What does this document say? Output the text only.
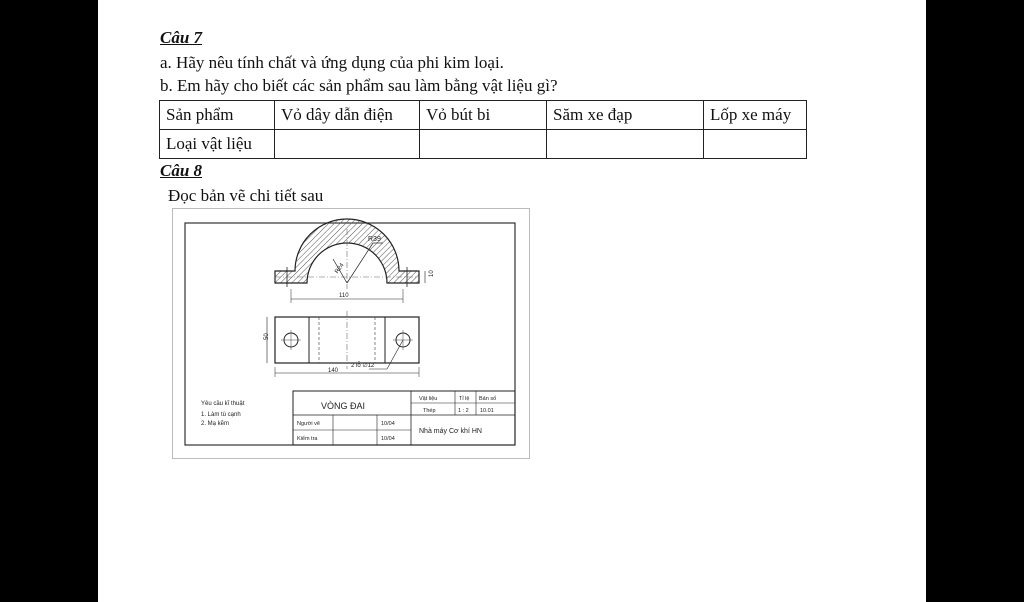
Câu 7
a. Hãy nêu tính chất và ứng dụng của phi kim loại.
b. Em hãy cho biết các sản phẩm sau làm bằng vật liệu gì?
Sản phẩm	Vỏ dây dẫn điện	Vỏ bút bi	Săm xe đạp	Lốp xe máy
Loại vật liệu				
Câu 8
Đọc bản vẽ chi tiết sau
R39
R24	10
110
50
140
2 lỗ ∅12
Yêu cầu kĩ thuật
1. Làm tù cạnh
2. Mạ kẽm
VÒNG ĐAI
Vật liệu
Thép
Tỉ lệ
1 : 2
Bản số
10.01
Người vẽ	10/04
Kiểm tra	10/04
Nhà máy Cơ khí HN
